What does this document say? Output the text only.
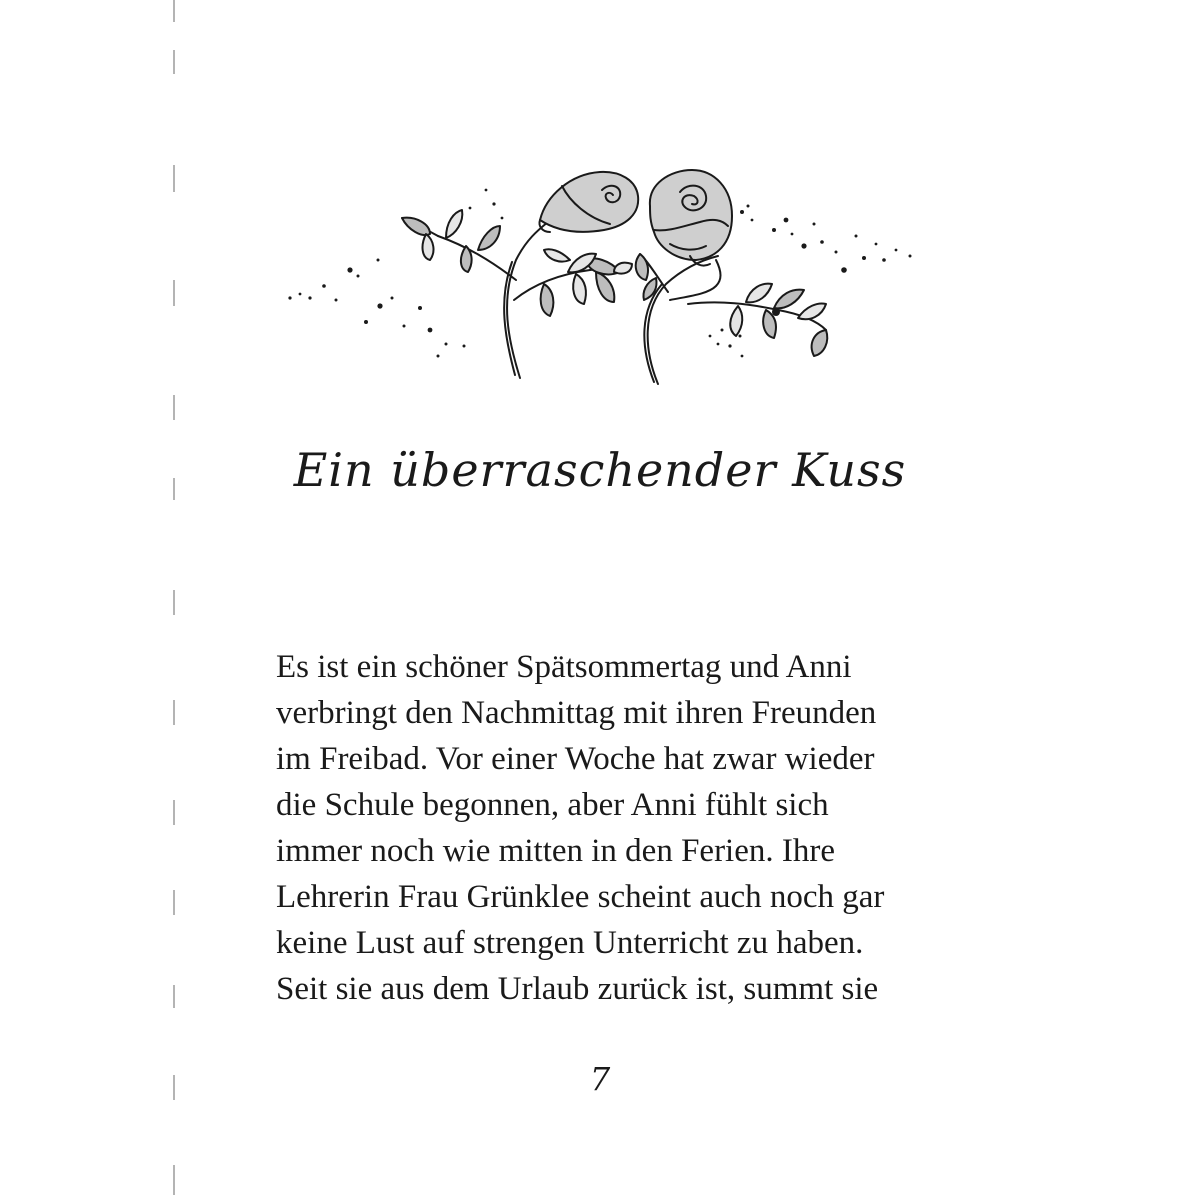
Ein überraschender Kuss
Es ist ein schöner Spätsommertag und Anni
verbringt den Nachmittag mit ihren Freunden
im Freibad. Vor einer Woche hat zwar wieder
die Schule begonnen, aber Anni fühlt sich
immer noch wie mitten in den Ferien. Ihre
Lehrerin Frau Grünklee scheint auch noch gar
keine Lust auf strengen Unterricht zu haben.
Seit sie aus dem Urlaub zurück ist, summt sie
7
